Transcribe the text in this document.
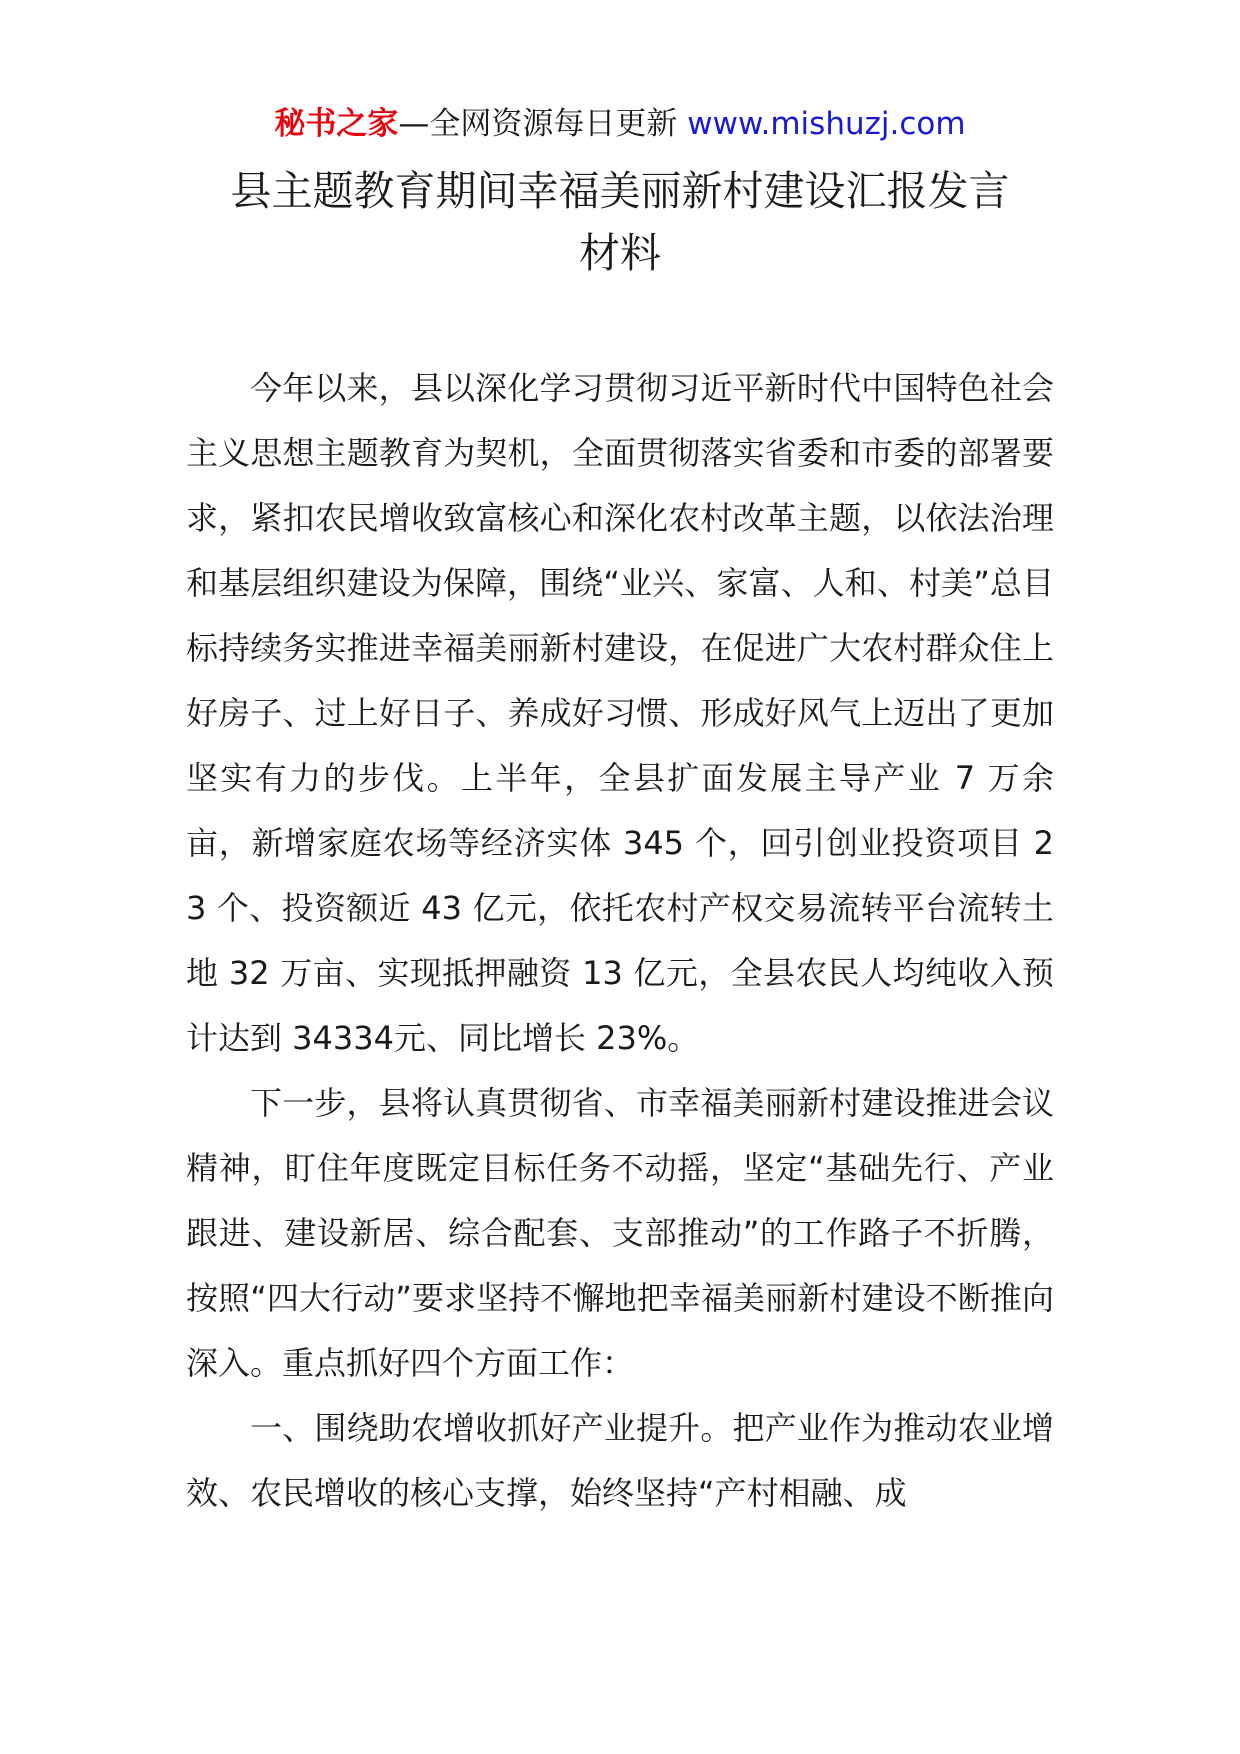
秘书之家—全网资源每日更新 www.mishuzj.com
县主题教育期间幸福美丽新村建设汇报发言
材料

今年以来，县以深化学习贯彻习近平新时代中国特色社会主义思想主题教育为契机，全面贯彻落实省委和市委的部署要求，紧扣农民增收致富核心和深化农村改革主题，以依法治理和基层组织建设为保障，围绕“业兴、家富、人和、村美”总目标持续务实推进幸福美丽新村建设，在促进广大农村群众住上好房子、过上好日子、养成好习惯、形成好风气上迈出了更加坚实有力的步伐。上半年，全县扩面发展主导产业 7 万余亩，新增家庭农场等经济实体 345 个，回引创业投资项目 23 个、投资额近 43 亿元，依托农村产权交易流转平台流转土地 32 万亩、实现抵押融资 13 亿元，全县农民人均纯收入预计达到 34334元、同比增长 23%。

下一步，县将认真贯彻省、市幸福美丽新村建设推进会议精神，盯住年度既定目标任务不动摇，坚定“基础先行、产业跟进、建设新居、综合配套、支部推动”的工作路子不折腾，按照“四大行动”要求坚持不懈地把幸福美丽新村建设不断推向深入。重点抓好四个方面工作：

一、围绕助农增收抓好产业提升。把产业作为推动农业增效、农民增收的核心支撑，始终坚持“产村相融、成
